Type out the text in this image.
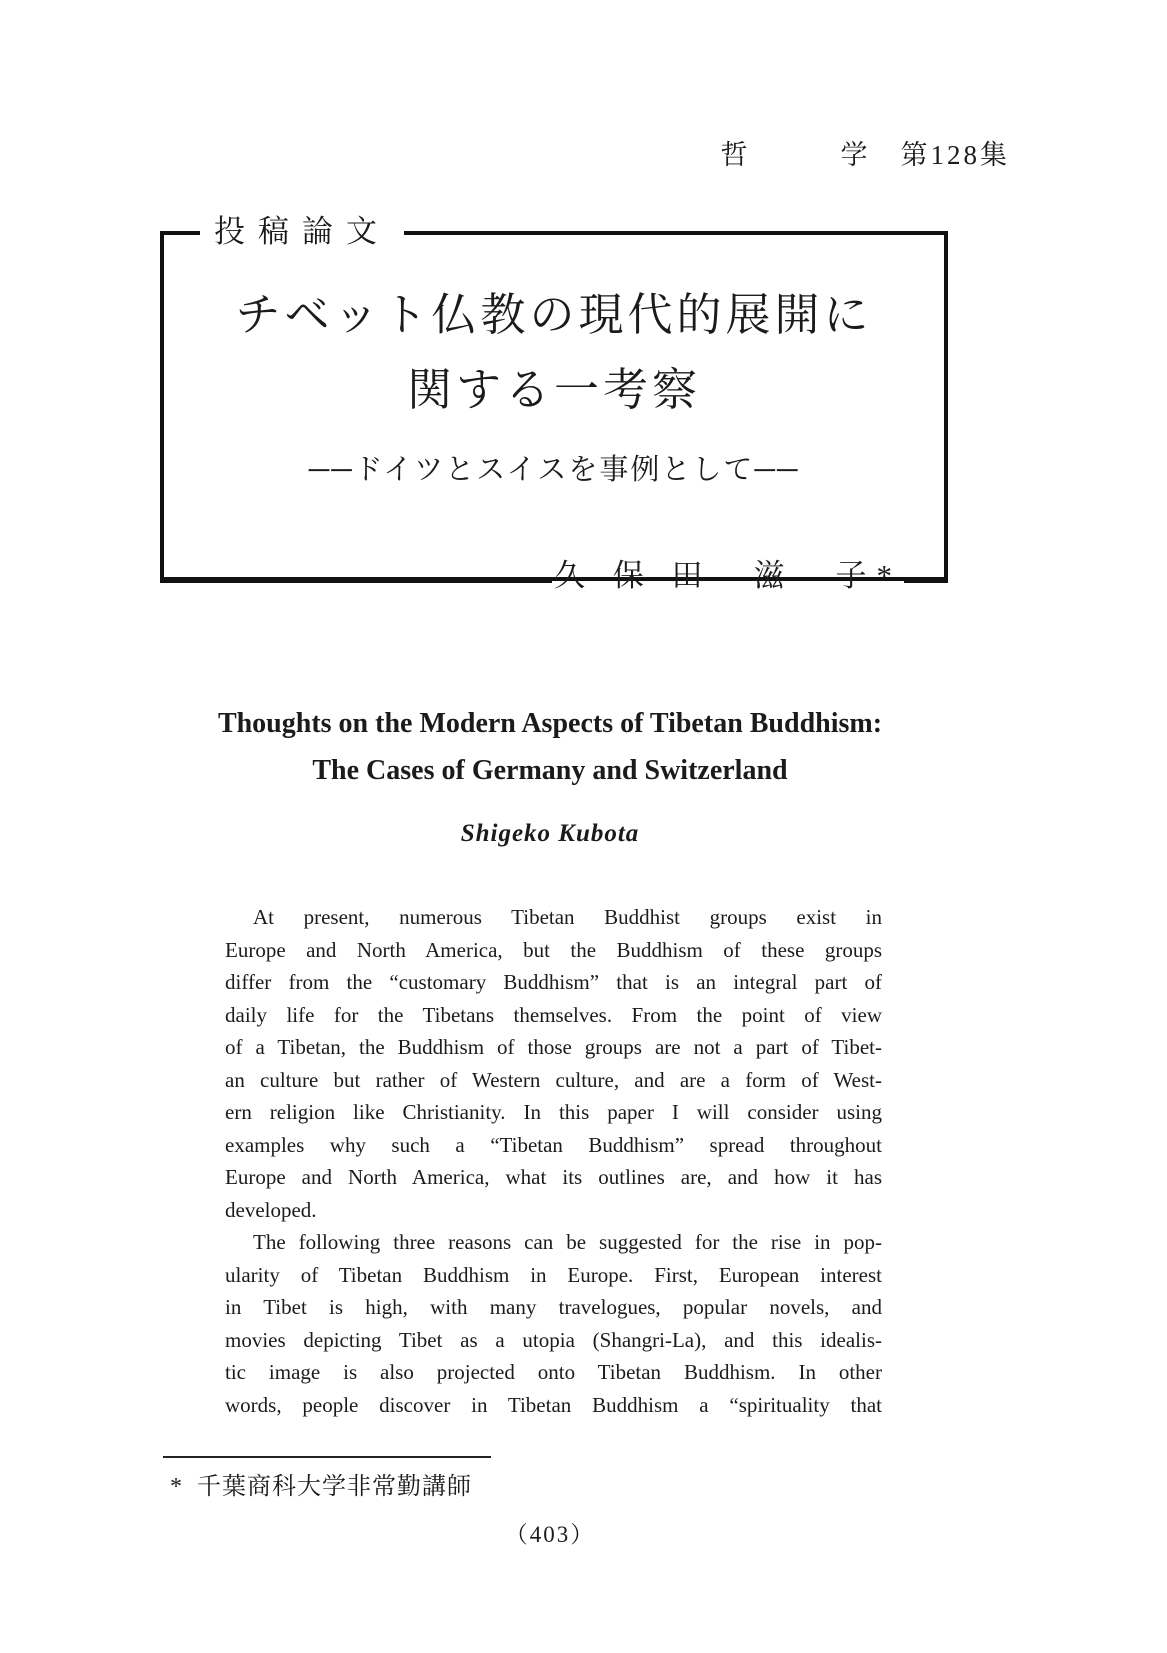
哲　　　学　第128集
投稿論文
チベット仏教の現代的展開に
関する一考察
──ドイツとスイスを事例として──
久 保 田　滋　子*
Thoughts on the Modern Aspects of Tibetan Buddhism:
The Cases of Germany and Switzerland
Shigeko Kubota
At present, numerous Tibetan Buddhist groups exist in
Europe and North America, but the Buddhism of these groups
differ from the “customary Buddhism” that is an integral part of
daily life for the Tibetans themselves. From the point of view
of a Tibetan, the Buddhism of those groups are not a part of Tibet-
an culture but rather of Western culture, and are a form of West-
ern religion like Christianity. In this paper I will consider using
examples why such a “Tibetan Buddhism” spread throughout
Europe and North America, what its outlines are, and how it has
developed.
The following three reasons can be suggested for the rise in pop-
ularity of Tibetan Buddhism in Europe. First, European interest
in Tibet is high, with many travelogues, popular novels, and
movies depicting Tibet as a utopia (Shangri-La), and this idealis-
tic image is also projected onto Tibetan Buddhism. In other
words, people discover in Tibetan Buddhism a “spirituality that
* 千葉商科大学非常勤講師
（403）
